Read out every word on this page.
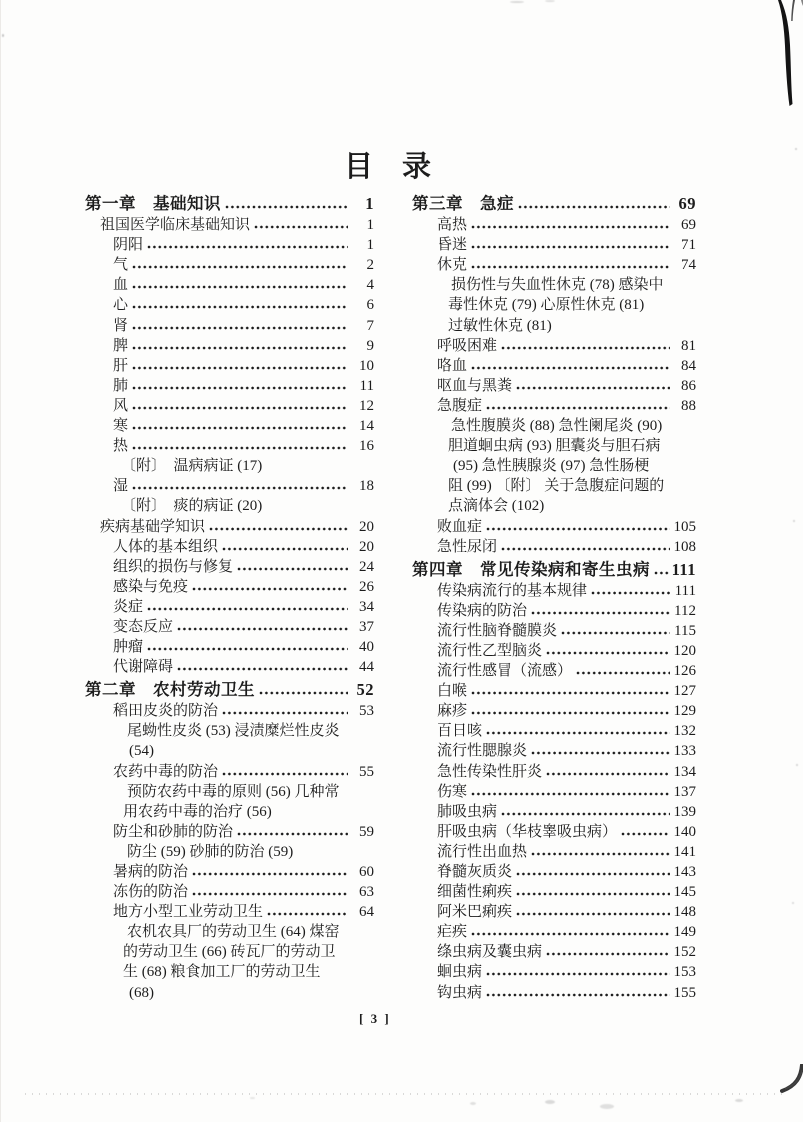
目　录
第一章　基础知识	1
祖国医学临床基础知识	1
阴阳	1
气	2
血	4
心	6
肾	7
脾	9
肝	10
肺	11
风	12
寒	14
热	16
〔附〕　温病病证 (17)
湿	18
〔附〕　痰的病证 (20)
疾病基础学知识	20
人体的基本组织	20
组织的损伤与修复	24
感染与免疫	26
炎症	34
变态反应	37
肿瘤	40
代谢障碍	44
第二章　农村劳动卫生	52
稻田皮炎的防治	53
尾蚴性皮炎 (53) 浸渍糜烂性皮炎
(54)
农药中毒的防治	55
预防农药中毒的原则 (56) 几种常
用农药中毒的治疗 (56)
防尘和砂肺的防治	59
防尘 (59) 砂肺的防治 (59)
暑病的防治	60
冻伤的防治	63
地方小型工业劳动卫生	64
农机农具厂的劳动卫生 (64) 煤窑
的劳动卫生 (66) 砖瓦厂的劳动卫
生 (68) 粮食加工厂的劳动卫生
(68)
第三章　急症	69
高热	69
昏迷	71
休克	74
损伤性与失血性休克 (78) 感染中
毒性休克 (79) 心原性休克 (81)
过敏性休克 (81)
呼吸困难	81
咯血	84
呕血与黑粪	86
急腹症	88
急性腹膜炎 (88) 急性阑尾炎 (90)
胆道蛔虫病 (93) 胆囊炎与胆石病
(95) 急性胰腺炎 (97) 急性肠梗
阻 (99) 〔附〕 关于急腹症问题的
点滴体会 (102)
败血症	105
急性尿闭	108
第四章　常见传染病和寄生虫病 111
传染病流行的基本规律	111
传染病的防治	112
流行性脑脊髓膜炎	115
流行性乙型脑炎	120
流行性感冒（流感）	126
白喉	127
麻疹	129
百日咳	132
流行性腮腺炎	133
急性传染性肝炎	134
伤寒	137
肺吸虫病	139
肝吸虫病（华枝睾吸虫病）	140
流行性出血热	141
脊髓灰质炎	143
细菌性痢疾	145
阿米巴痢疾	148
疟疾	149
绦虫病及囊虫病	152
蛔虫病	153
钩虫病	155
[ 3 ]
